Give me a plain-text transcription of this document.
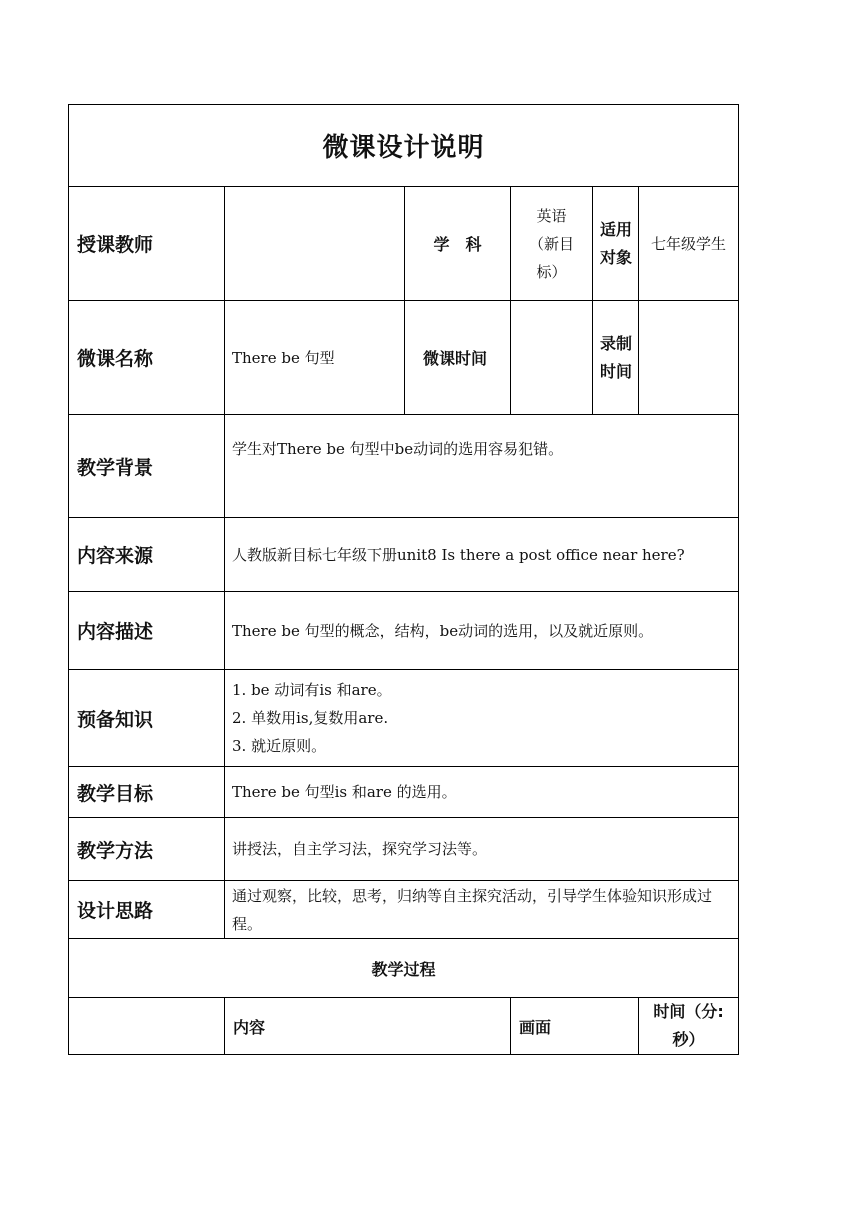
微课设计说明					
授课教师		学　科	英语（新目标）	适用对象	七年级学生
微课名称	There be 句型	微课时间		录制时间	
教学背景	学生对There be 句型中be动词的选用容易犯错。				
内容来源	人教版新目标七年级下册unit8 Is there a post office near here?				
内容描述	There be 句型的概念，结构，be动词的选用，以及就近原则。				
预备知识	1. be 动词有is 和are。
2. 单数用is,复数用are.
3. 就近原则。				

教学目标	There be 句型is 和are 的选用。				
教学方法	讲授法，自主学习法，探究学习法等。				
设计思路	通过观察，比较，思考，归纳等自主探究活动，引导学生体验知识形成过程。				
教学过程					
	内容		画面		时间（分:秒）
